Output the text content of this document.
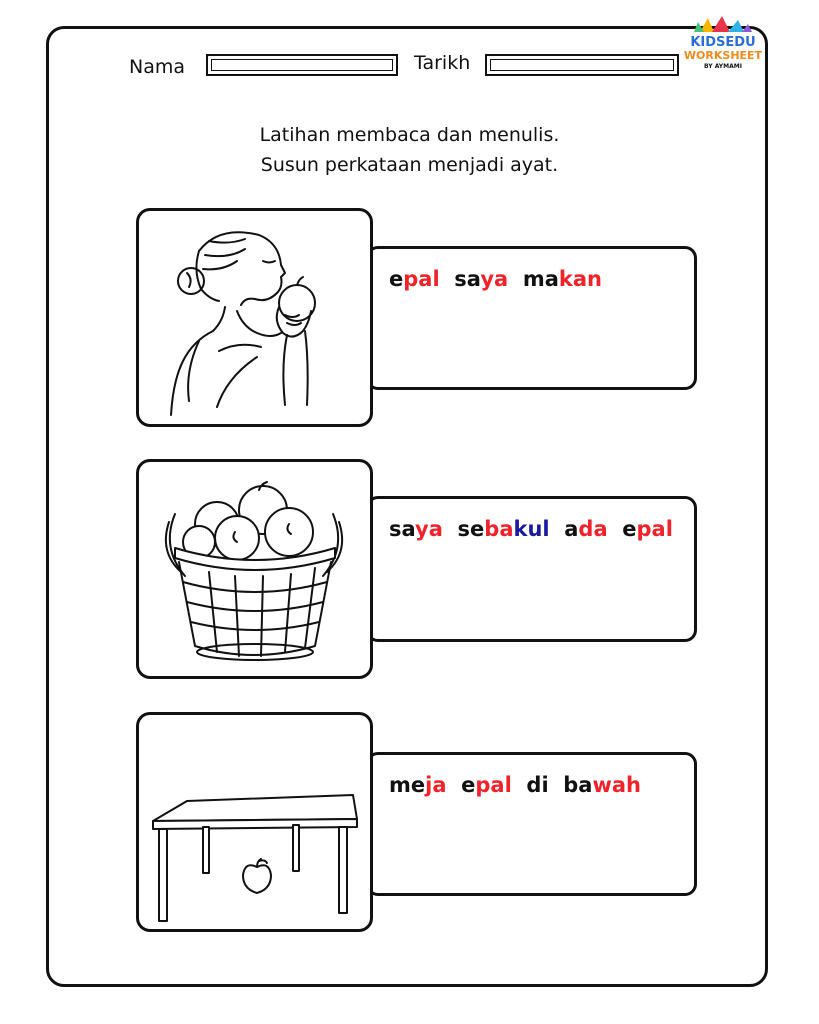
Nama	Tarikh
KIDSEDU
WORKSHEET
BY AYMAMI
Latihan membaca dan menulis.
Susun perkataan menjadi ayat.
epal saya makan
saya sebakul ada epal
meja epal di bawah
